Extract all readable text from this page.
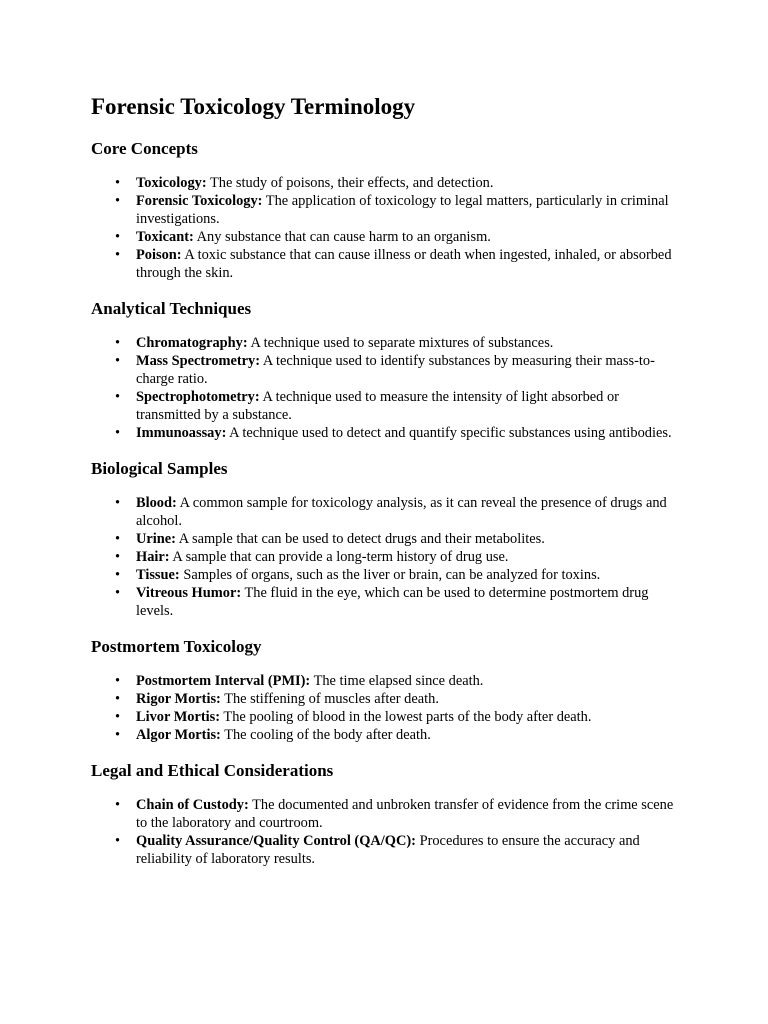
Forensic Toxicology Terminology
Core Concepts
• Toxicology: The study of poisons, their effects, and detection.
• Forensic Toxicology: The application of toxicology to legal matters, particularly in criminal investigations.
• Toxicant: Any substance that can cause harm to an organism.
• Poison: A toxic substance that can cause illness or death when ingested, inhaled, or absorbed through the skin.
Analytical Techniques
• Chromatography: A technique used to separate mixtures of substances.
• Mass Spectrometry: A technique used to identify substances by measuring their mass-to-charge ratio.
• Spectrophotometry: A technique used to measure the intensity of light absorbed or transmitted by a substance.
• Immunoassay: A technique used to detect and quantify specific substances using antibodies.
Biological Samples
• Blood: A common sample for toxicology analysis, as it can reveal the presence of drugs and alcohol.
• Urine: A sample that can be used to detect drugs and their metabolites.
• Hair: A sample that can provide a long-term history of drug use.
• Tissue: Samples of organs, such as the liver or brain, can be analyzed for toxins.
• Vitreous Humor: The fluid in the eye, which can be used to determine postmortem drug levels.
Postmortem Toxicology
• Postmortem Interval (PMI): The time elapsed since death.
• Rigor Mortis: The stiffening of muscles after death.
• Livor Mortis: The pooling of blood in the lowest parts of the body after death.
• Algor Mortis: The cooling of the body after death.
Legal and Ethical Considerations
• Chain of Custody: The documented and unbroken transfer of evidence from the crime scene to the laboratory and courtroom.
• Quality Assurance/Quality Control (QA/QC): Procedures to ensure the accuracy and reliability of laboratory results.
